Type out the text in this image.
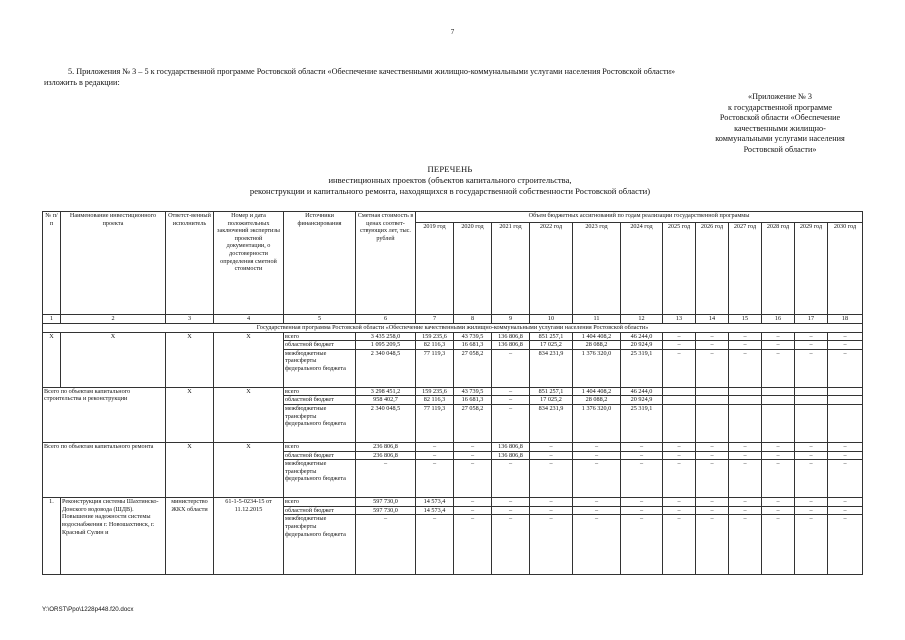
7
5. Приложения № 3 – 5 к государственной программе Ростовской области «Обеспечение качественными жилищно-коммунальными услугами населения Ростовской области»
изложить в редакции:
«Приложение № 3
к государственной программе
Ростовской области «Обеспечение
качественными жилищно-
коммунальными услугами населения
Ростовской области»
ПЕРЕЧЕНЬ
инвестиционных проектов (объектов капитального строительства,
реконструкции и капитального ремонта, находящихся в государственной собственности Ростовской области)
№ п/п	Наименование инвестиционного проекта	Ответст-венный исполнитель	Номер и дата положительных заключений экспертизы проектной документации, о достоверности определения сметной стоимости	Источники финансирования	Сметная стоимость в ценах соответ-ствующих лет, тыс. рублей	Объем бюджетных ассигнований по годам реализации государственной программы											
						2019 год	2020 год	2021 год	2022 год	2023 год	2024 год	2025 год	2026 год	2027 год	2028 год	2029 год	2030 год
1	2	3	4	5	6	7	8	9	10	11	12	13	14	15	16	17	18
Государственная программа Ростовской области «Обеспечение качественными жилищно-коммунальными услугами населения Ростовской области»																	
Х	Х	Х	Х	всего	3 435 258,0	159 235,6	43 739,5	136 806,8	851 257,1	1 404 408,2	46 244,0	–	–	–	–	–	–
				областной бюджет	1 095 209,5	82 116,3	16 681,3	136 806,8	17 025,2	28 088,2	20 924,9	–	–	–	–	–	–
				межбюджетные трансферты федерального бюджета	2 340 048,5	77 119,3	27 058,2	–	834 231,9	1 376 320,0	25 319,1	–	–	–	–	–	–
Всего по объектам капитального строительства и реконструкции		Х	Х	всего	3 298 451,2	159 235,6	43 739,5	–	851 257,1	1 404 408,2	46 244,0						
				областной бюджет	958 402,7	82 116,3	16 681,3	–	17 025,2	28 088,2	20 924,9						
				межбюджетные трансферты федерального бюджета	2 340 048,5	77 119,3	27 058,2	–	834 231,9	1 376 320,0	25 319,1						
Всего по объектам капитального ремонта		Х	Х	всего	236 806,8	–	–	136 806,8	–	–	–	–	–	–	–	–	–
				областной бюджет	236 806,8	–	–	136 806,8	–	–	–	–	–	–	–	–	–
				межбюджетные трансферты федерального бюджета	–	–	–	–	–	–	–	–	–	–	–	–	–
1.	Реконструкция системы Шахтинско-Донского водовода (ШДВ). Повышение надежности системы водоснабжения г. Новошахтинск, г. Красный Сулин и	министерство ЖКХ области	61-1-5-0234-15 от 11.12.2015	всего	597 730,0	14 573,4	–	–	–	–	–	–	–	–	–	–	–
				областной бюджет	597 730,0	14 573,4	–	–	–	–	–	–	–	–	–	–	–
				межбюджетные трансферты федерального бюджета	–	–	–	–	–	–	–	–	–	–	–	–	–
Y:\ORST\Ppo\1228p448.f20.docx
